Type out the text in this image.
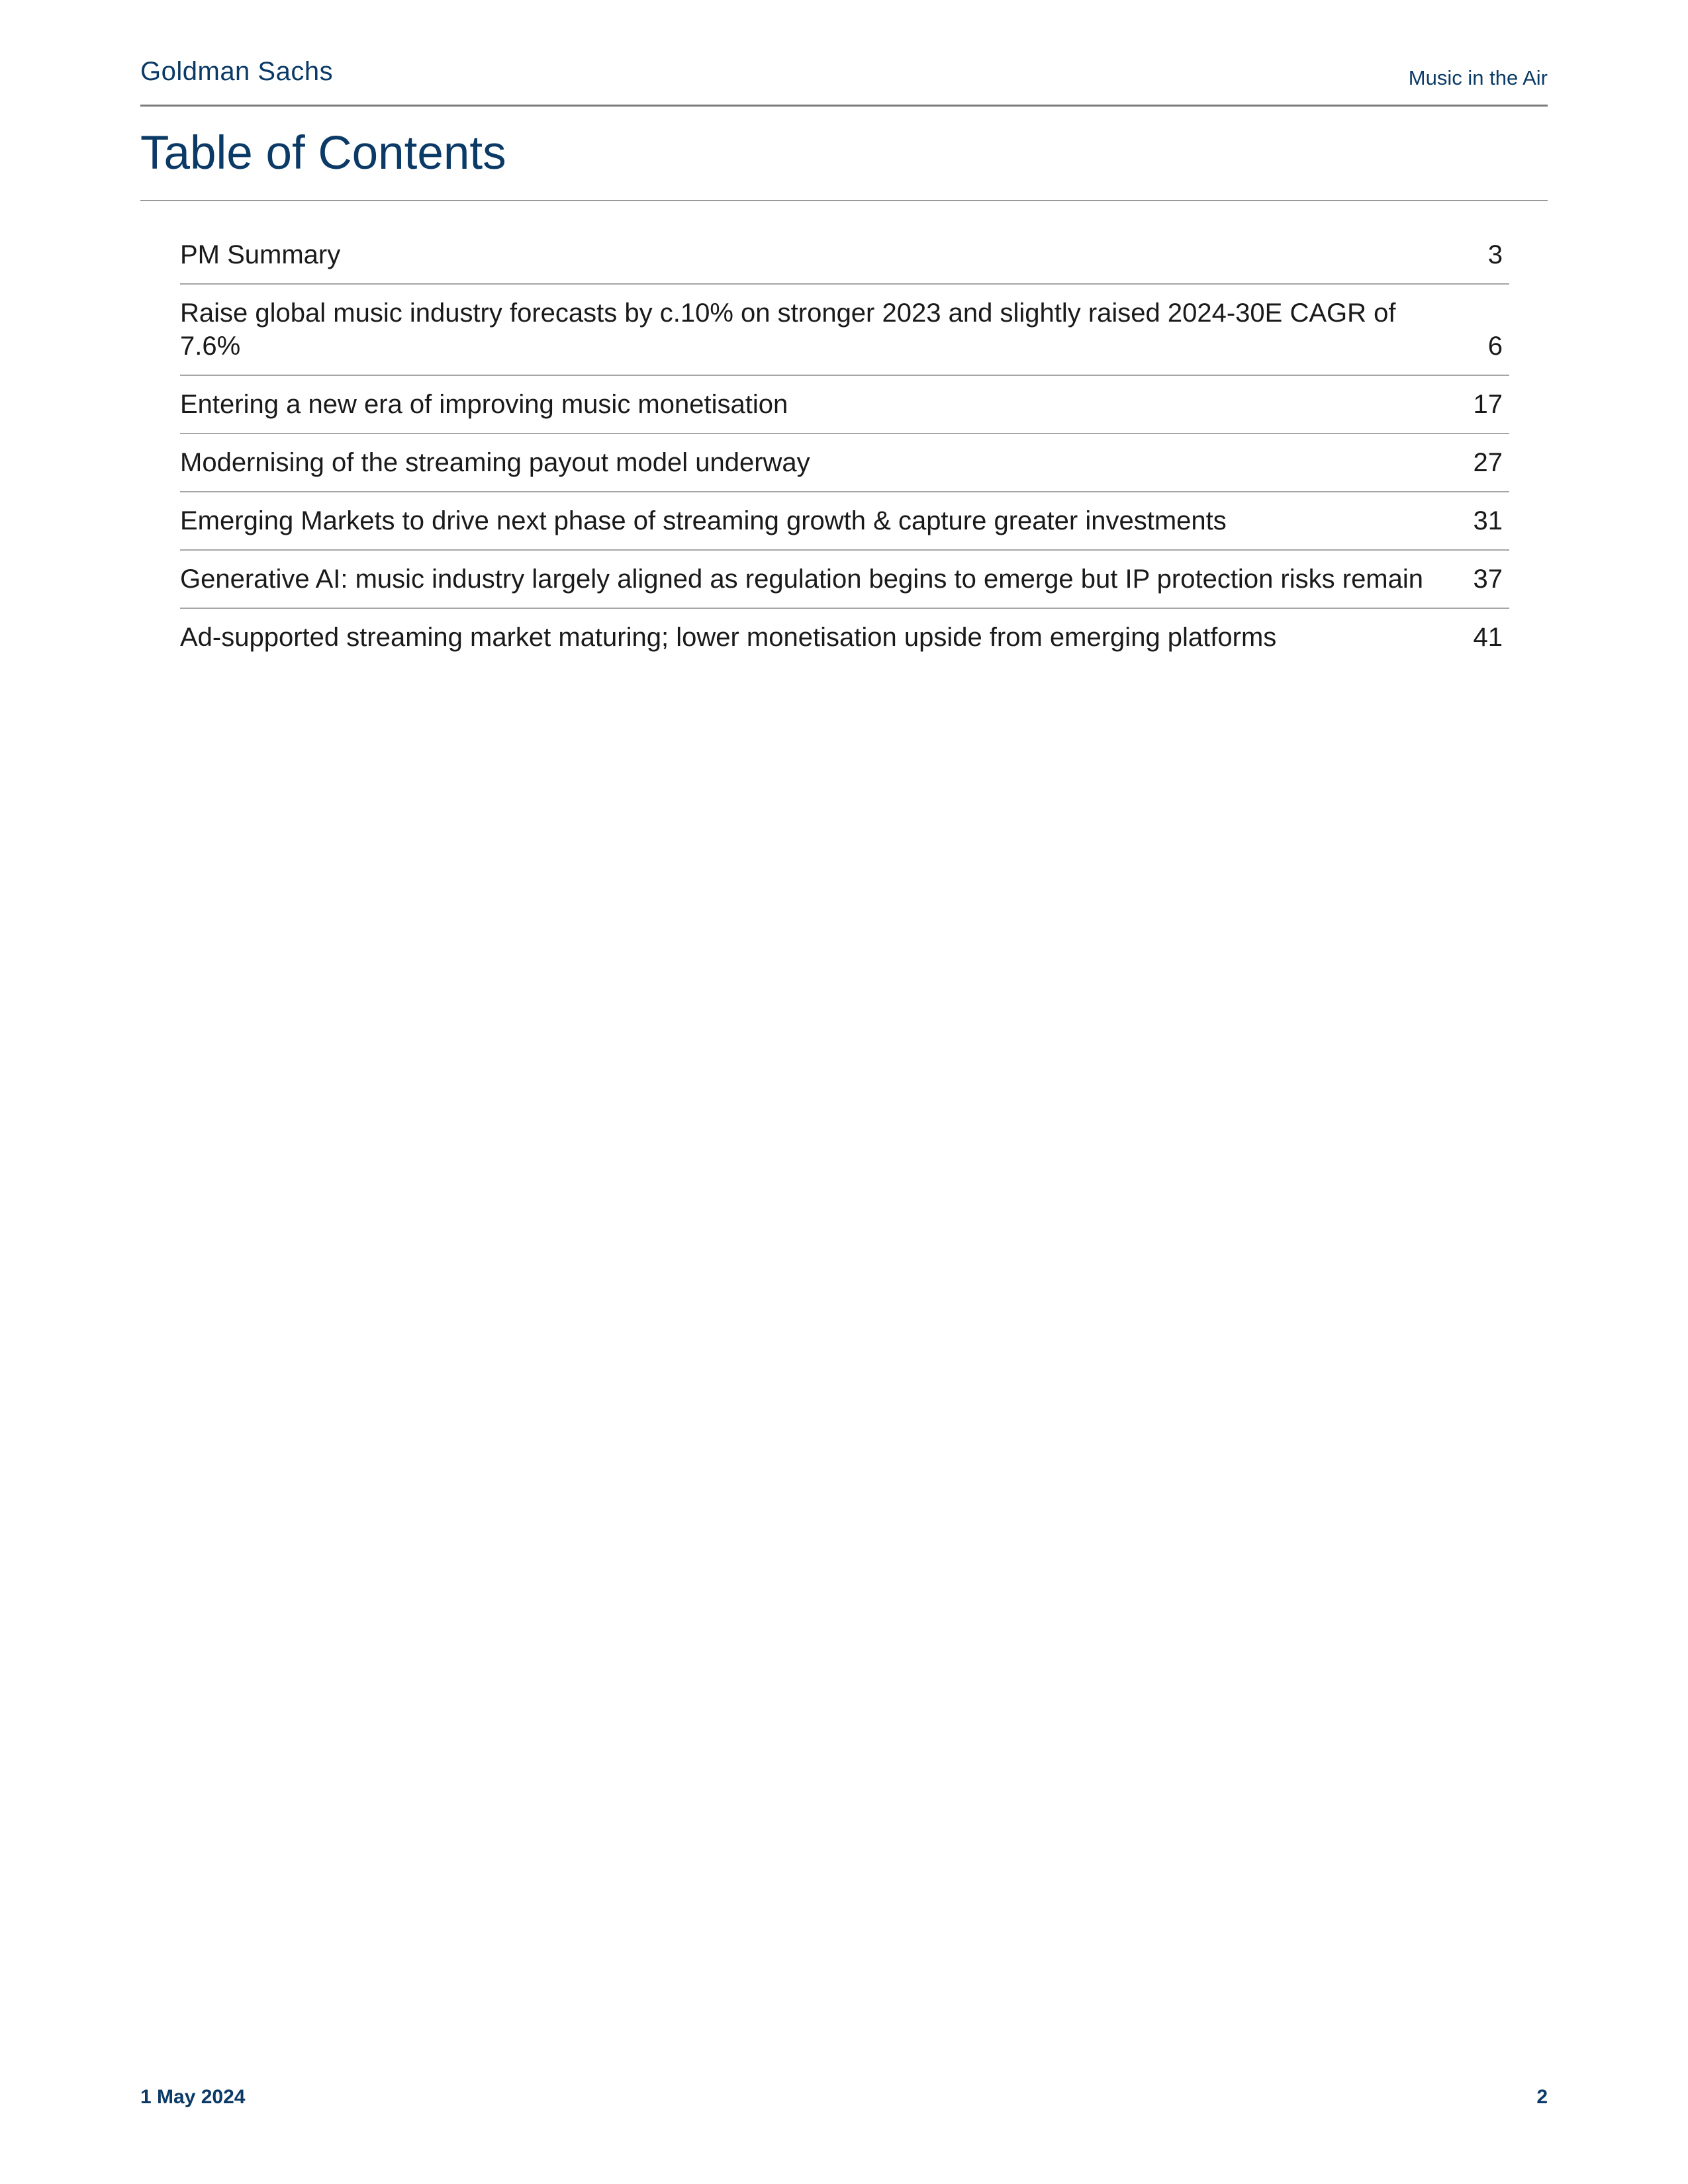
Goldman Sachs	Music in the Air
Table of Contents
PM Summary	3
Raise global music industry forecasts by c.10% on stronger 2023 and slightly raised 2024-30E CAGR of 7.6%	6
Entering a new era of improving music monetisation	17
Modernising of the streaming payout model underway	27
Emerging Markets to drive next phase of streaming growth & capture greater investments	31
Generative AI: music industry largely aligned as regulation begins to emerge but IP protection risks remain	37
Ad-supported streaming market maturing; lower monetisation upside from emerging platforms	41
1 May 2024	2
